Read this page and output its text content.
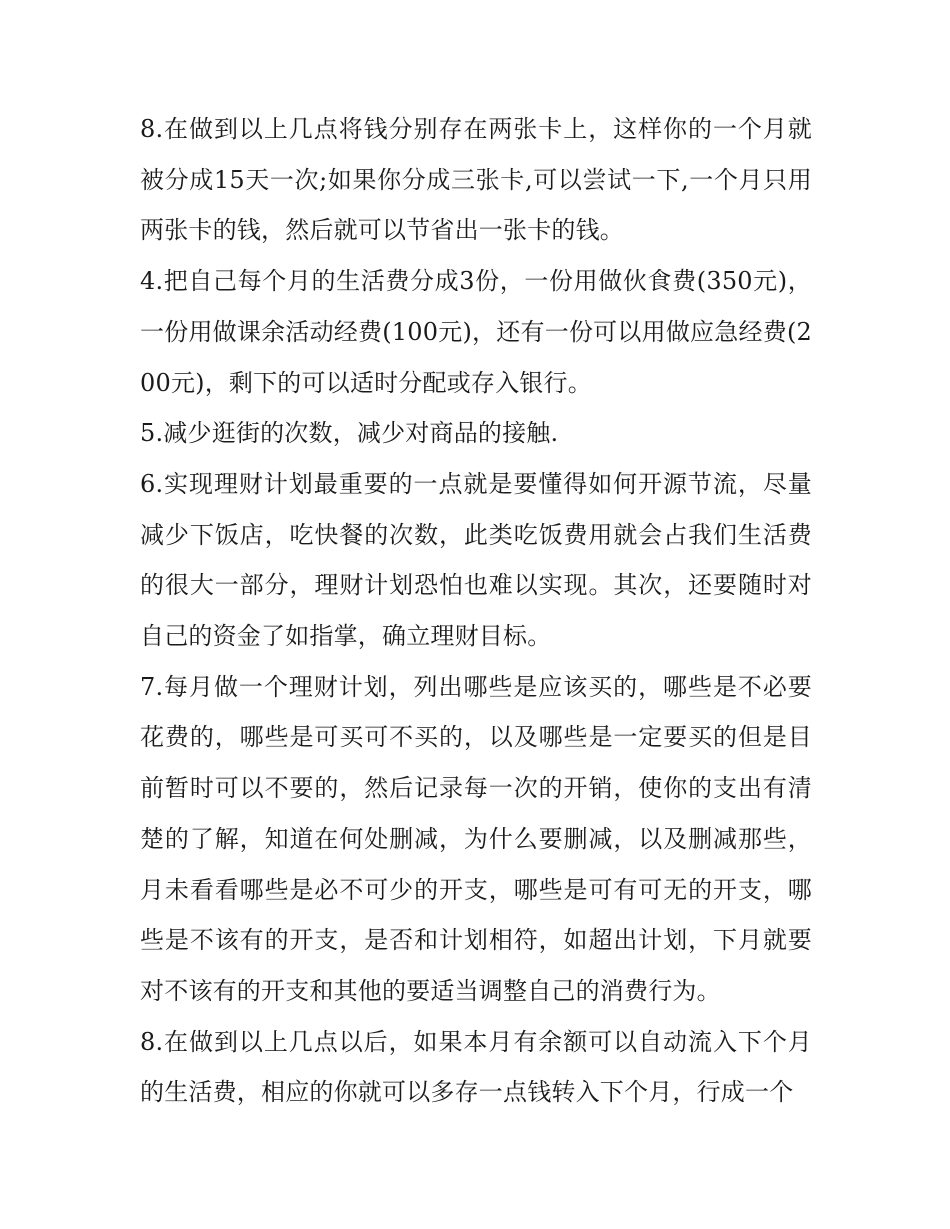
8.在做到以上几点将钱分别存在两张卡上，这样你的一个月就被分成15天一次;如果你分成三张卡,可以尝试一下,一个月只用两张卡的钱，然后就可以节省出一张卡的钱。

4.把自己每个月的生活费分成3份，一份用做伙食费(350元)，一份用做课余活动经费(100元)，还有一份可以用做应急经费(200元)，剩下的可以适时分配或存入银行。

5.减少逛街的次数，减少对商品的接触.

6.实现理财计划最重要的一点就是要懂得如何开源节流，尽量减少下饭店，吃快餐的次数，此类吃饭费用就会占我们生活费的很大一部分，理财计划恐怕也难以实现。其次，还要随时对自己的资金了如指掌，确立理财目标。

7.每月做一个理财计划，列出哪些是应该买的，哪些是不必要花费的，哪些是可买可不买的，以及哪些是一定要买的但是目前暂时可以不要的，然后记录每一次的开销，使你的支出有清楚的了解，知道在何处删减，为什么要删减，以及删减那些，月未看看哪些是必不可少的开支，哪些是可有可无的开支，哪些是不该有的开支，是否和计划相符，如超出计划，下月就要对不该有的开支和其他的要适当调整自己的消费行为。

8.在做到以上几点以后，如果本月有余额可以自动流入下个月的生活费，相应的你就可以多存一点钱转入下个月，行成一个
